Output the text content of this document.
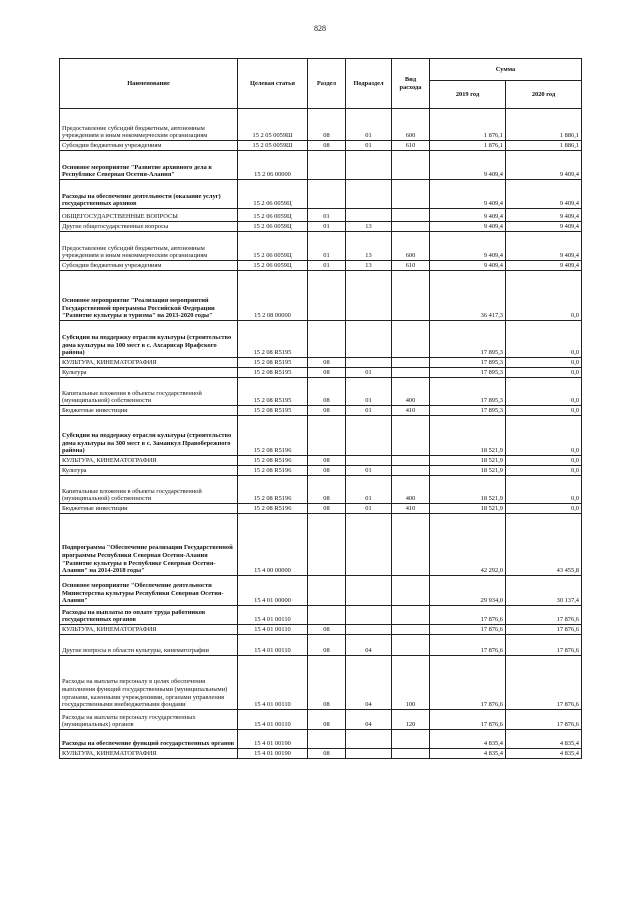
828
Наименование	Целевая статья	Раздел	Подраздел	Вид расхода	Сумма	
					2019 год	2020 год
Предоставление субсидий бюджетным, автономным учреждениям и иным некоммерческим организациям	15 2 05 0059Ш	08	01	600	1 876,1	1 886,1
Субсидии бюджетным учреждениям	15 2 05 0059Ш	08	01	610	1 876,1	1 886,1
Основное мероприятие "Развитие архивного дела в Республике Северная Осетия-Алания"	15 2 06 00000				9 409,4	9 409,4
Расходы на обеспечение деятельности (оказание услуг) государственных архивов	15 2 06 0059Ц				9 409,4	9 409,4
ОБЩЕГОСУДАРСТВЕННЫЕ ВОПРОСЫ	15 2 06 0059Ц	01			9 409,4	9 409,4
Другие общегосударственные вопросы	15 2 06 0059Ц	01	13		9 409,4	9 409,4
Предоставление субсидий бюджетным, автономным учреждениям и иным некоммерческим организациям	15 2 06 0059Ц	01	13	600	9 409,4	9 409,4
Субсидии бюджетным учреждениям	15 2 06 0059Ц	01	13	610	9 409,4	9 409,4
Основное мероприятие "Реализация мероприятий Государственной программы Российской Федерации "Развитие культуры и туризма" на 2013-2020 годы"	15 2 08 00000				36 417,3	0,0
Субсидии на поддержку отрасли культуры (строительство дома культуры на 100 мест в с. Ахсарисар Ирафского района)	15 2 08 R5195				17 895,3	0,0
КУЛЬТУРА, КИНЕМАТОГРАФИЯ	15 2 08 R5195	08			17 895,3	0,0
Культура	15 2 08 R5195	08	01		17 895,3	0,0
Капитальные вложения в объекты государственной (муниципальной) собственности	15 2 08 R5195	08	01	400	17 895,3	0,0
Бюджетные инвестиции	15 2 08 R5195	08	01	410	17 895,3	0,0
Субсидии на поддержку отрасли культуры (строительство дома культуры на 300 мест в с. Заманкул Правобережного района)	15 2 08 R5196				18 521,9	0,0
КУЛЬТУРА, КИНЕМАТОГРАФИЯ	15 2 08 R5196	08			18 521,9	0,0
Культура	15 2 08 R5196	08	01		18 521,9	0,0
Капитальные вложения в объекты государственной (муниципальной) собственности	15 2 08 R5196	08	01	400	18 521,9	0,0
Бюджетные инвестиции	15 2 08 R5196	08	01	410	18 521,9	0,0
Подпрограмма "Обеспечение реализации Государственной программы Республики Северная Осетия-Алания "Развитие культуры в Республике Северная Осетия-Алания" на 2014-2018 годы"	15 4 00 00000				42 292,0	43 455,8
Основное мероприятие "Обеспечение деятельности Министерства культуры Республики Северная Осетия-Алания"	15 4 01 00000				29 934,0	30 137,4
Расходы на выплаты по оплате труда работников государственных органов	15 4 01 00110				17 876,6	17 876,6
КУЛЬТУРА, КИНЕМАТОГРАФИЯ	15 4 01 00110	08			17 876,6	17 876,6
Другие вопросы в области культуры, кинематографии	15 4 01 00110	08	04		17 876,6	17 876,6
Расходы на выплаты персоналу в целях обеспечения выполнения функций государственными (муниципальными) органами, казенными учреждениями, органами управления государственными внебюджетными фондами	15 4 01 00110	08	04	100	17 876,6	17 876,6
Расходы на выплаты персоналу государственных (муниципальных) органов	15 4 01 00110	08	04	120	17 876,6	17 876,6
Расходы на обеспечение функций государственных органов	15 4 01 00190				4 835,4	4 835,4
КУЛЬТУРА, КИНЕМАТОГРАФИЯ	15 4 01 00190	08			4 835,4	4 835,4
